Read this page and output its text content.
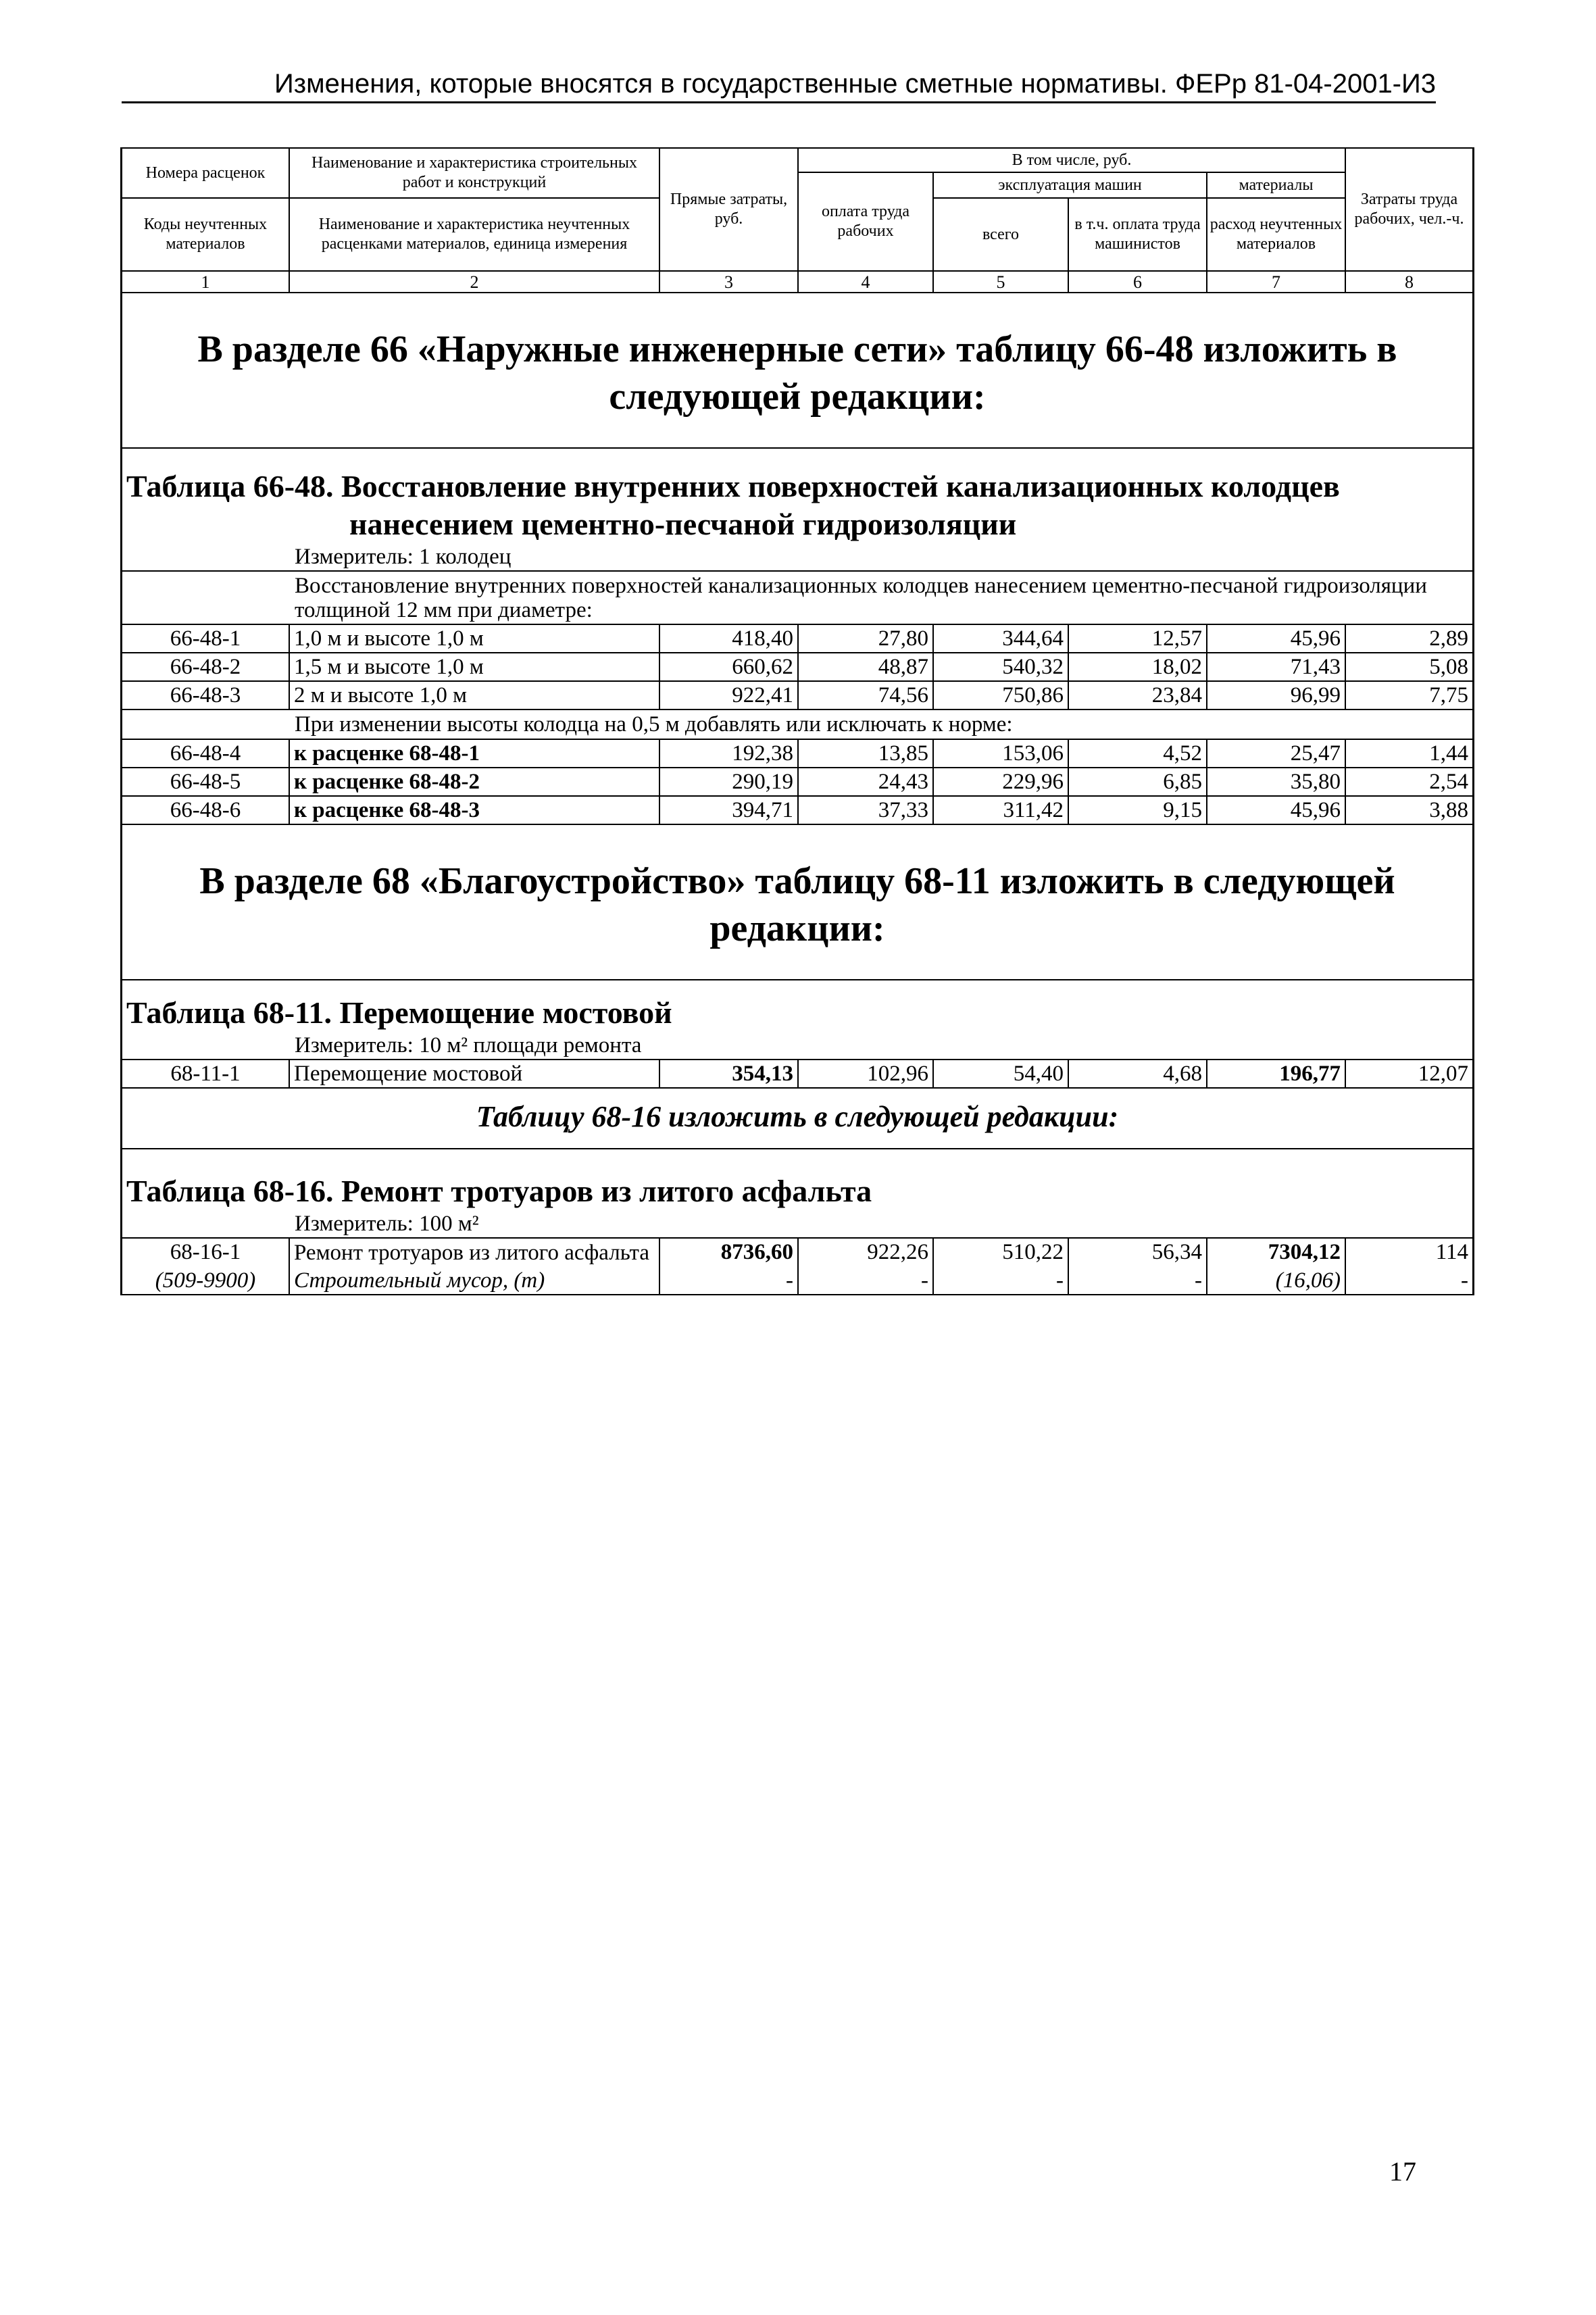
Изменения, которые вносятся в государственные сметные нормативы. ФЕРр 81-04-2001-И3
Номера расценок	Наименование и характеристика строительных работ и конструкций	Прямые затраты, руб.	В том числе, руб.				Затраты труда рабочих, чел.-ч.
			оплата труда рабочих	эксплуатация машин		материалы	
Коды неучтенных материалов	Наименование и характеристика неучтенных расценками материалов, единица измерения			всего	в т.ч. оплата труда машинистов	расход неучтенных материалов	

1	2	3	4	5	6	7	8
В разделе 66 «Наружные инженерные сети» таблицу 66-48 изложить в следующей редакции:
Таблица 66-48. Восстановление внутренних поверхностей канализационных колодцев
нанесением цементно-песчаной гидроизоляции
Измеритель: 1 колодец
Восстановление внутренних поверхностей канализационных колодцев нанесением цементно-песчаной гидроизоляции толщиной 12 мм при диаметре:
66-48-1	1,0 м и высоте 1,0 м	418,40	27,80	344,64	12,57	45,96	2,89
66-48-2	1,5 м и высоте 1,0 м	660,62	48,87	540,32	18,02	71,43	5,08
66-48-3	2 м и высоте 1,0 м	922,41	74,56	750,86	23,84	96,99	7,75
При изменении высоты колодца на 0,5 м добавлять или исключать к норме:
66-48-4	к расценке 68-48-1	192,38	13,85	153,06	4,52	25,47	1,44
66-48-5	к расценке 68-48-2	290,19	24,43	229,96	6,85	35,80	2,54
66-48-6	к расценке 68-48-3	394,71	37,33	311,42	9,15	45,96	3,88
В разделе 68 «Благоустройство» таблицу 68-11 изложить в следующей редакции:
Таблица 68-11. Перемощение мостовой
Измеритель: 10 м² площади ремонта
68-11-1	Перемощение мостовой	354,13	102,96	54,40	4,68	196,77	12,07
Таблицу 68-16 изложить в следующей редакции:
Таблица 68-16. Ремонт тротуаров из литого асфальта
Измеритель: 100 м²
68-16-1	Ремонт тротуаров из литого асфальта	8736,60	922,26	510,22	56,34	7304,12	114
(509-9900)	Строительный мусор, (т)	-	-	-	-	(16,06)	-
17
